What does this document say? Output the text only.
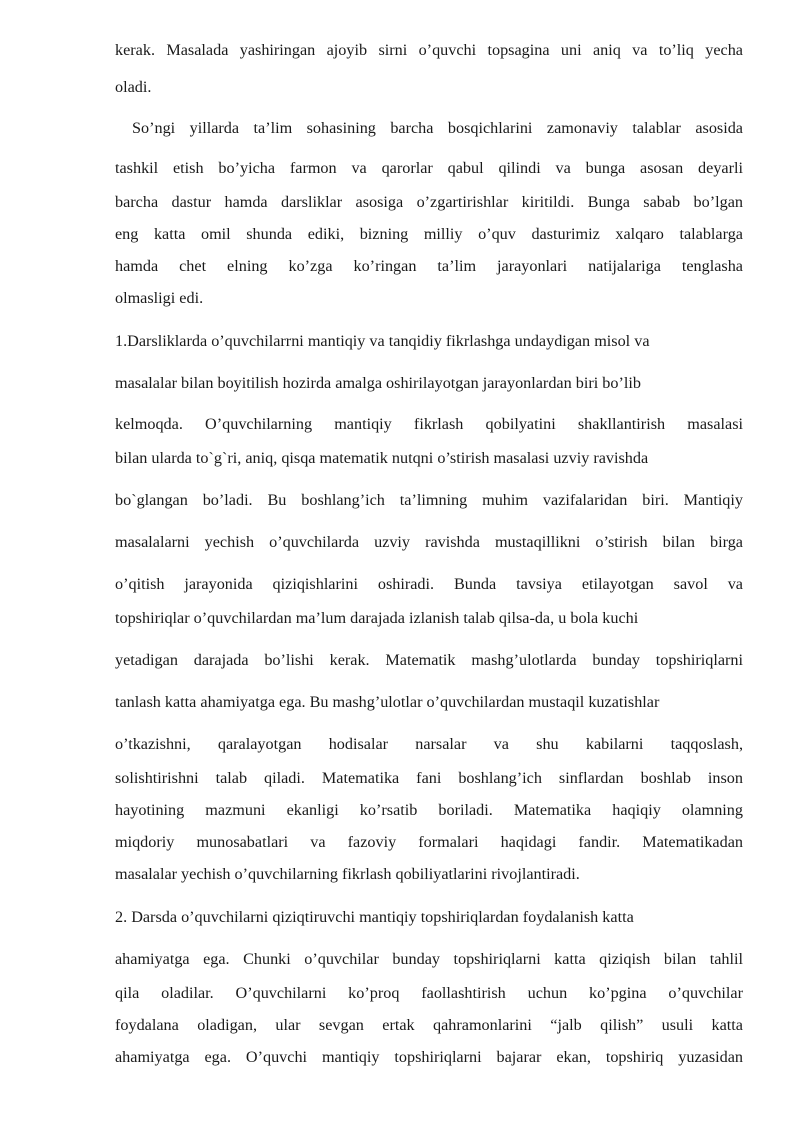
kerak. Masalada yashiringan ajoyib sirni o’quvchi topsagina uni aniq va to’liq yecha
oladi.
So’ngi yillarda ta’lim sohasining barcha bosqichlarini zamonaviy talablar asosida
tashkil etish bo’yicha farmon va qarorlar qabul qilindi va bunga asosan deyarli
barcha dastur hamda darsliklar asosiga o’zgartirishlar kiritildi. Bunga sabab bo’lgan
eng katta omil shunda ediki, bizning milliy o’quv dasturimiz xalqaro talablarga
hamda chet elning ko’zga ko’ringan ta’lim jarayonlari natijalariga tenglasha
olmasligi edi.
1.Darsliklarda o’quvchilarrni mantiqiy va tanqidiy fikrlashga undaydigan misol va
masalalar bilan boyitilish hozirda amalga oshirilayotgan jarayonlardan biri bo’lib
kelmoqda. O’quvchilarning mantiqiy fikrlash qobilyatini shakllantirish masalasi
bilan ularda to`g`ri, aniq, qisqa matematik nutqni o’stirish masalasi uzviy ravishda
bo`glangan bo’ladi. Bu boshlang’ich ta’limning muhim vazifalaridan biri. Mantiqiy
masalalarni yechish o’quvchilarda uzviy ravishda mustaqillikni o’stirish bilan birga
o’qitish jarayonida qiziqishlarini oshiradi. Bunda tavsiya etilayotgan savol va
topshiriqlar o’quvchilardan ma’lum darajada izlanish talab qilsa-da, u bola kuchi
yetadigan darajada bo’lishi kerak. Matematik mashg’ulotlarda bunday topshiriqlarni
tanlash katta ahamiyatga ega. Bu mashg’ulotlar o’quvchilardan mustaqil kuzatishlar
o’tkazishni, qaralayotgan hodisalar narsalar va shu kabilarni taqqoslash,
solishtirishni talab qiladi. Matematika fani boshlang’ich sinflardan boshlab inson
hayotining mazmuni ekanligi ko’rsatib boriladi. Matematika haqiqiy olamning
miqdoriy munosabatlari va fazoviy formalari haqidagi fandir. Matematikadan
masalalar yechish o’quvchilarning fikrlash qobiliyatlarini rivojlantiradi.
2. Darsda o’quvchilarni qiziqtiruvchi mantiqiy topshiriqlardan foydalanish katta
ahamiyatga ega. Chunki o’quvchilar bunday topshiriqlarni katta qiziqish bilan tahlil
qila oladilar. O’quvchilarni ko’proq faollashtirish uchun ko’pgina o’quvchilar
foydalana oladigan, ular sevgan ertak qahramonlarini “jalb qilish” usuli katta
ahamiyatga ega. O’quvchi mantiqiy topshiriqlarni bajarar ekan, topshiriq yuzasidan
